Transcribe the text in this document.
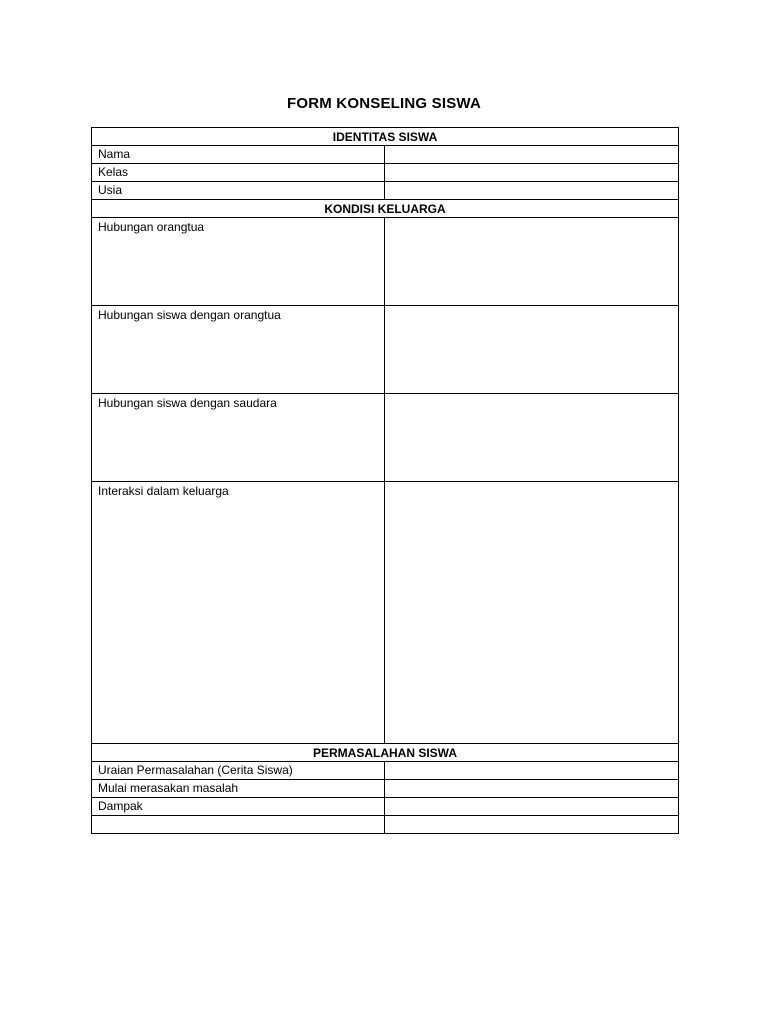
FORM KONSELING SISWA
IDENTITAS SISWA	
Nama	
Kelas	
Usia	
KONDISI KELUARGA	
Hubungan orangtua	
Hubungan siswa dengan orangtua	
Hubungan siswa dengan saudara	
Interaksi dalam keluarga	
PERMASALAHAN SISWA	
Uraian Permasalahan (Cerita Siswa)	
Mulai merasakan masalah	
Dampak	
